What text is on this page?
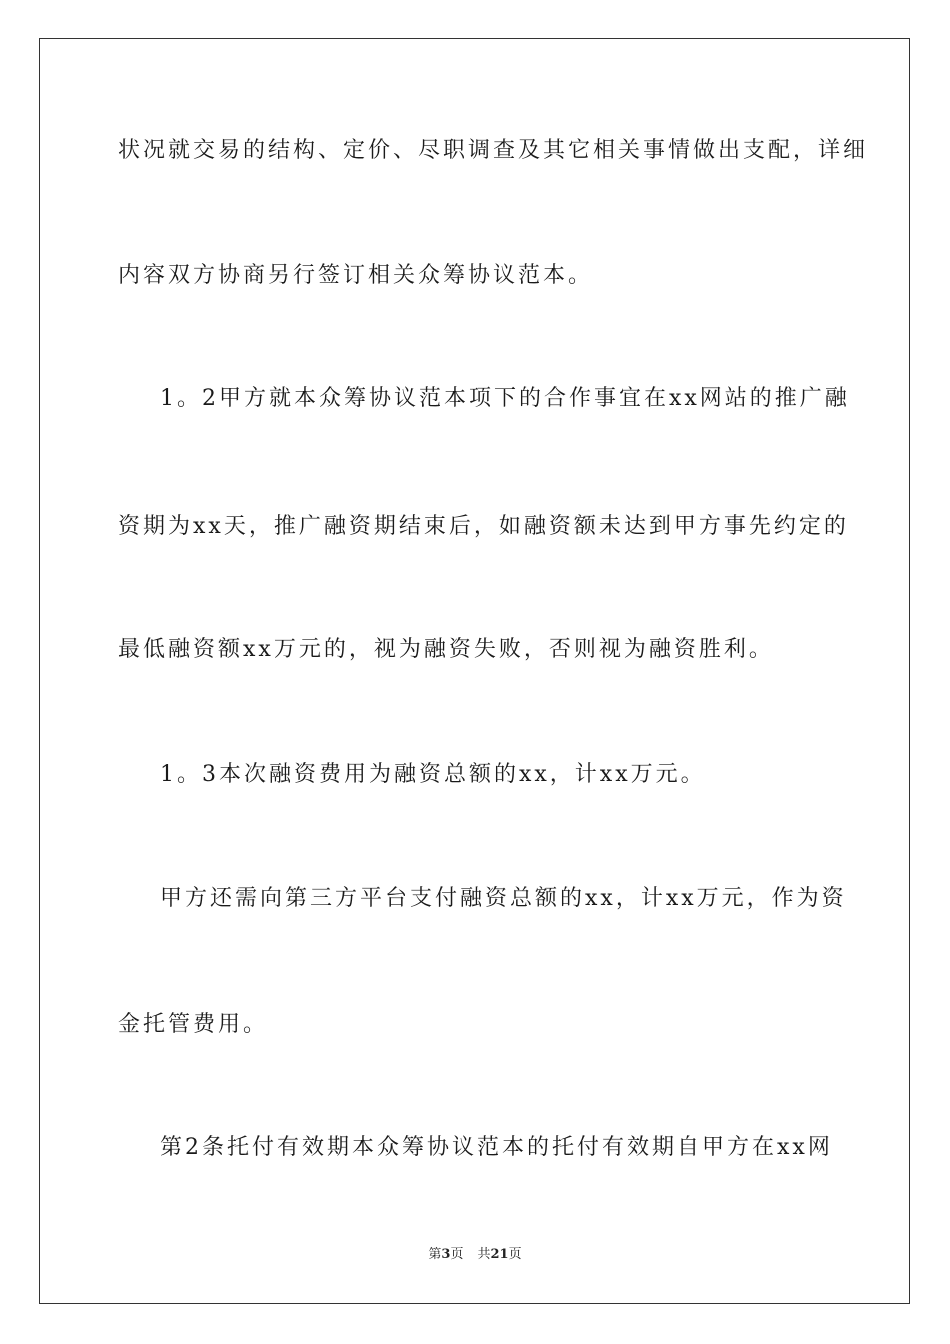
状况就交易的结构、定价、尽职调查及其它相关事情做出支配，详细
内容双方协商另行签订相关众筹协议范本。
1。2甲方就本众筹协议范本项下的合作事宜在xx网站的推广融
资期为xx天，推广融资期结束后，如融资额未达到甲方事先约定的
最低融资额xx万元的，视为融资失败，否则视为融资胜利。
1。3本次融资费用为融资总额的xx，计xx万元。
甲方还需向第三方平台支付融资总额的xx，计xx万元，作为资
金托管费用。
第2条托付有效期本众筹协议范本的托付有效期自甲方在xx网
第3页 共21页
